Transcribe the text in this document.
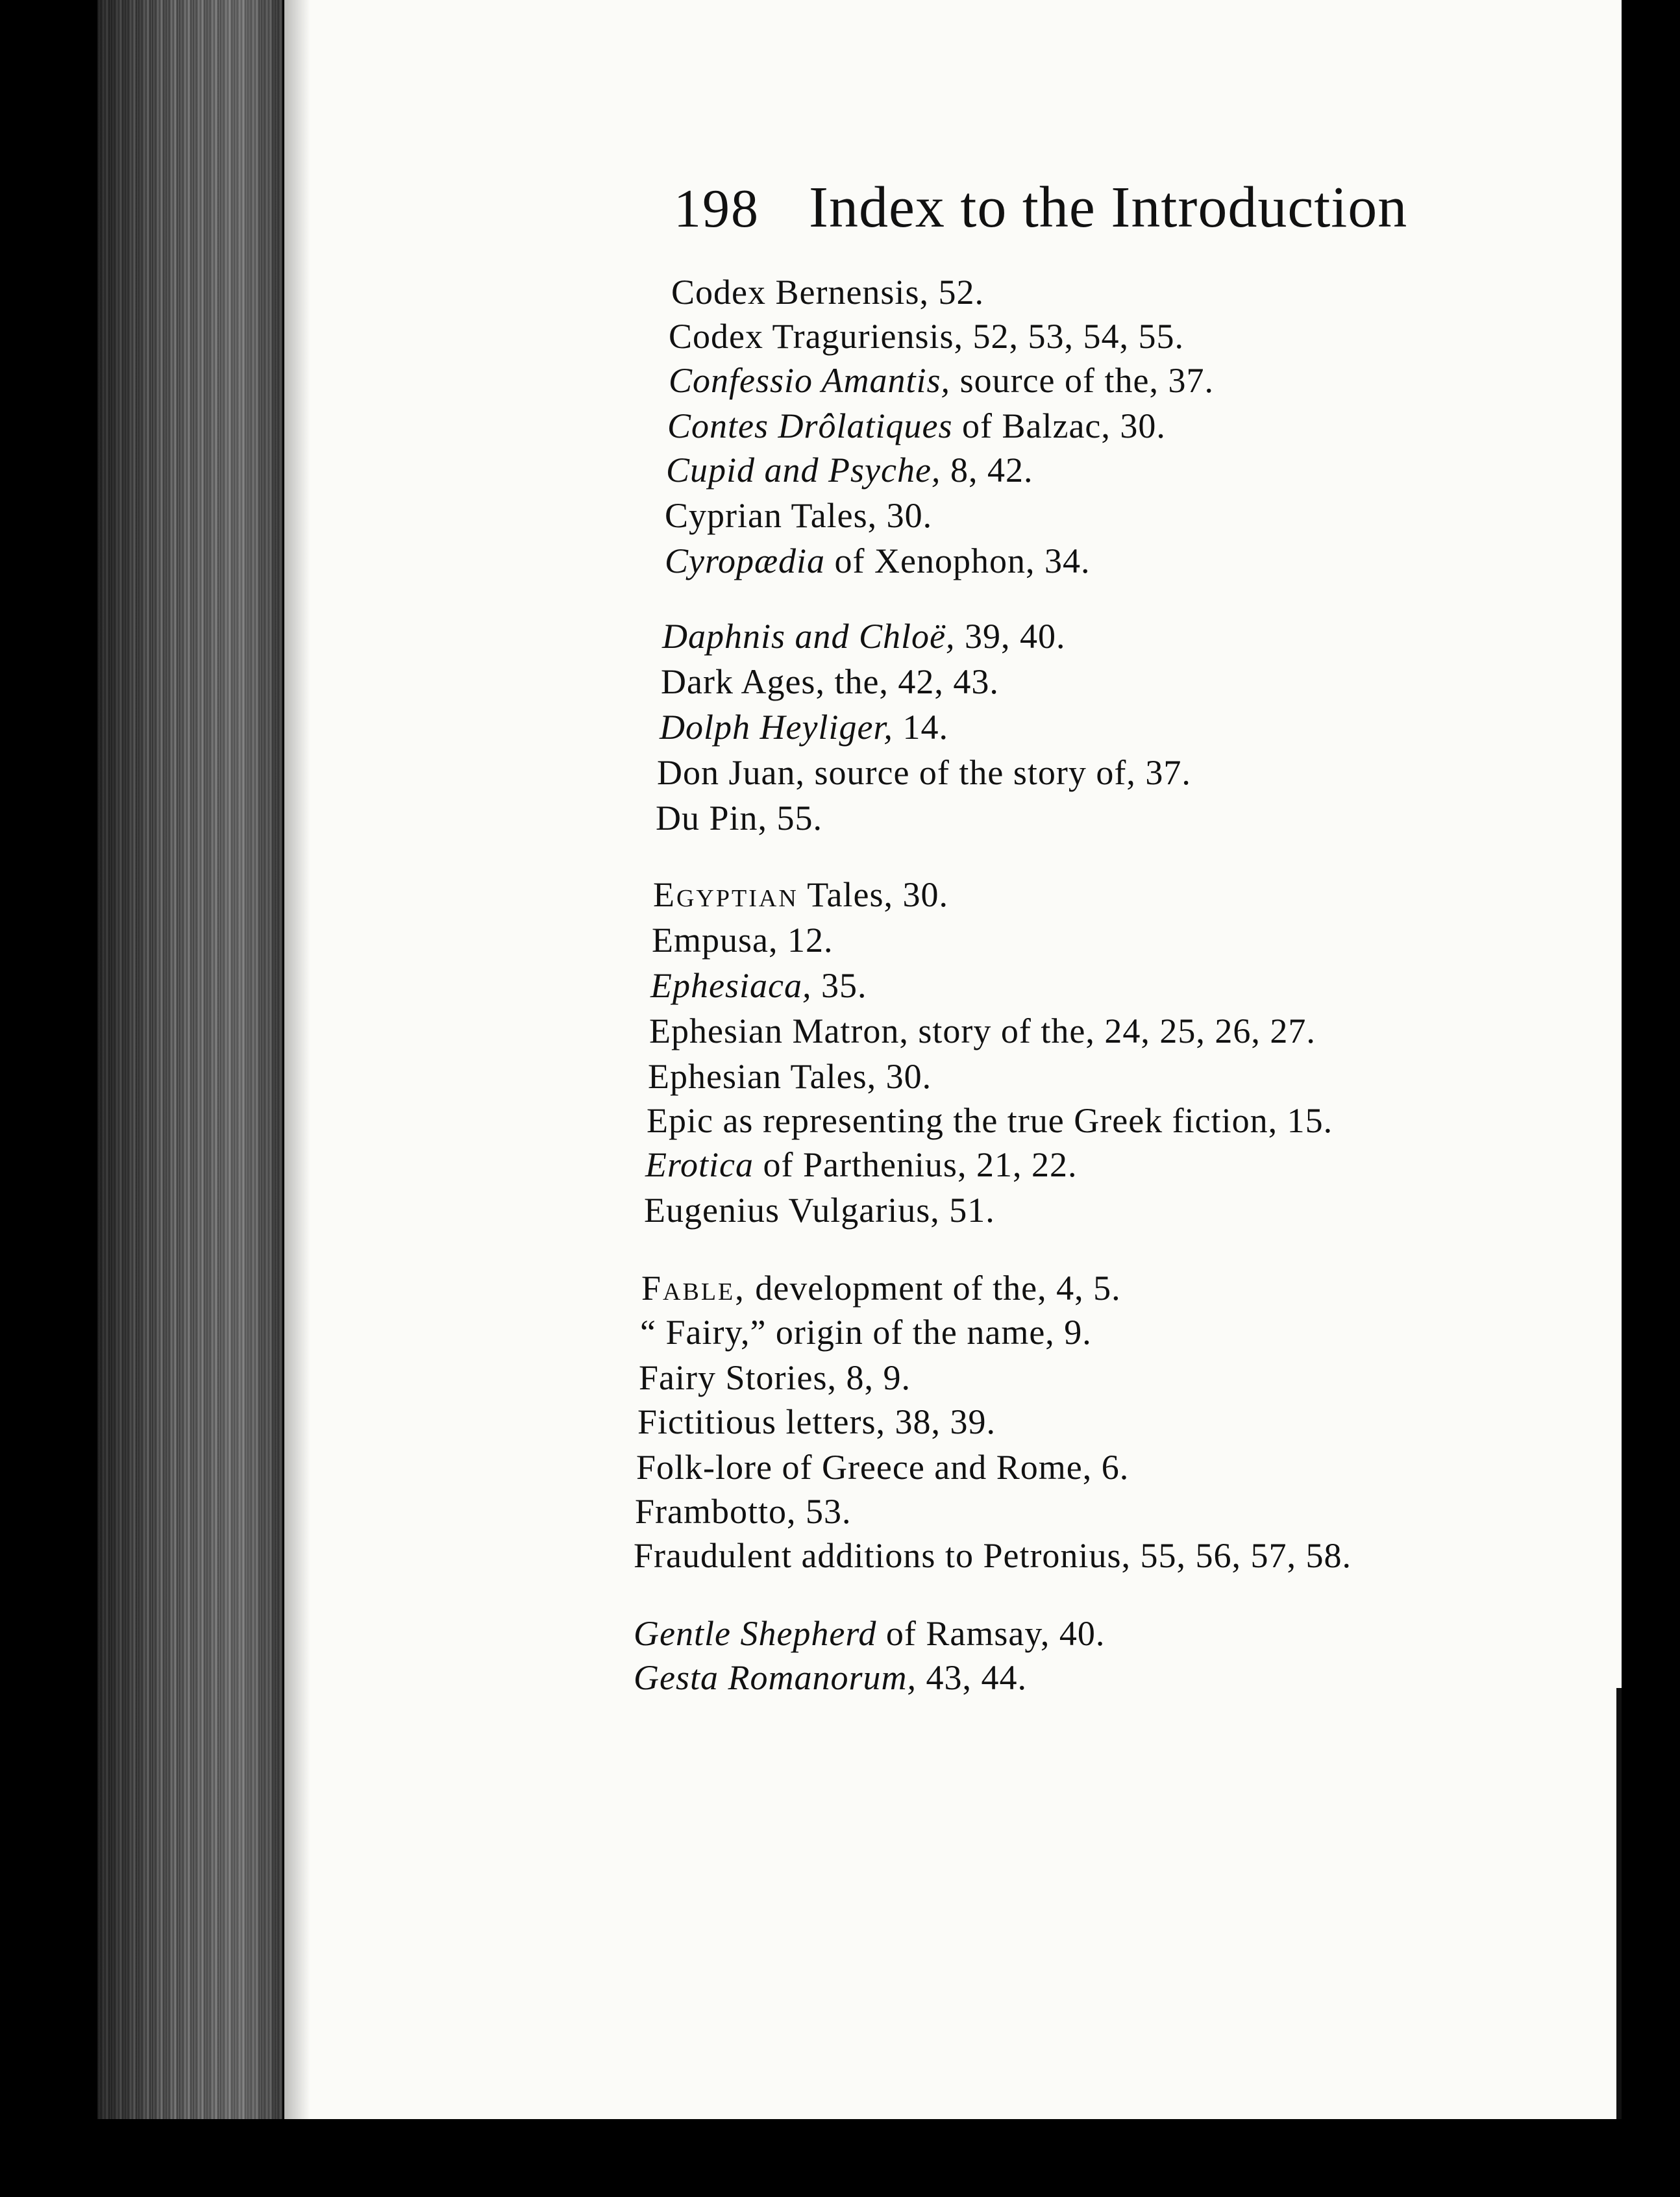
198 Index to the Introduction
Codex Bernensis, 52.
Codex Traguriensis, 52, 53, 54, 55.
Confessio Amantis, source of the, 37.
Contes Drôlatiques of Balzac, 30.
Cupid and Psyche, 8, 42.
Cyprian Tales, 30.
Cyropædia of Xenophon, 34.
Daphnis and Chloë, 39, 40.
Dark Ages, the, 42, 43.
Dolph Heyliger, 14.
Don Juan, source of the story of, 37.
Du Pin, 55.
Egyptian Tales, 30.
Empusa, 12.
Ephesiaca, 35.
Ephesian Matron, story of the, 24, 25, 26, 27.
Ephesian Tales, 30.
Epic as representing the true Greek fiction, 15.
Erotica of Parthenius, 21, 22.
Eugenius Vulgarius, 51.
Fable, development of the, 4, 5.
“ Fairy,” origin of the name, 9.
Fairy Stories, 8, 9.
Fictitious letters, 38, 39.
Folk-lore of Greece and Rome, 6.
Frambotto, 53.
Fraudulent additions to Petronius, 55, 56, 57, 58.
Gentle Shepherd of Ramsay, 40.
Gesta Romanorum, 43, 44.
